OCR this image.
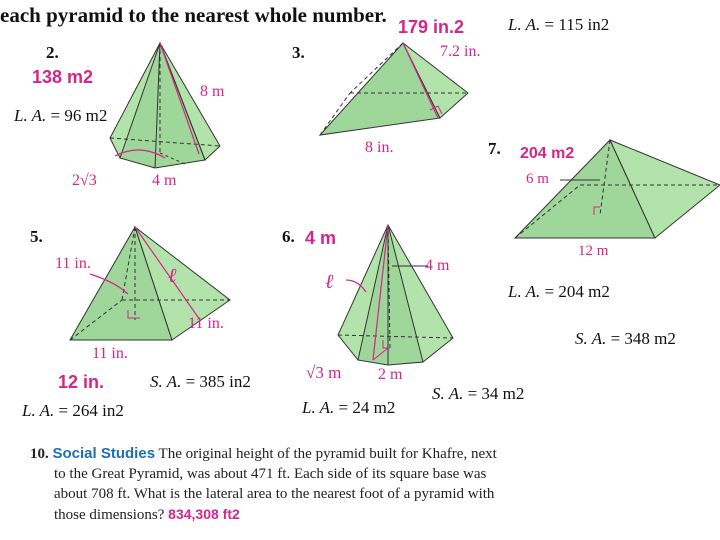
each pyramid to the nearest whole number.
2.
138 m2
L. A. = 96 m2
8 m
2√3	4 m
3.
179 in.2	L. A. = 115 in2
7.2 in.
8 in.	7. 204 m2
6 m
12 m
L. A. = 204 m2
S. A. = 348 m2
5.
11 in.
ℓ
11 in.
11 in.
12 in.	S. A. = 385 in2
L. A. = 264 in2
6. 4 m
4 m
ℓ
√3 m 2 m
L. A. = 24 m2
S. A. = 34 m2
10. Social Studies The original height of the pyramid built for Khafre, next
to the Great Pyramid, was about 471 ft. Each side of its square base was
about 708 ft. What is the lateral area to the nearest foot of a pyramid with
those dimensions? 834,308 ft2
